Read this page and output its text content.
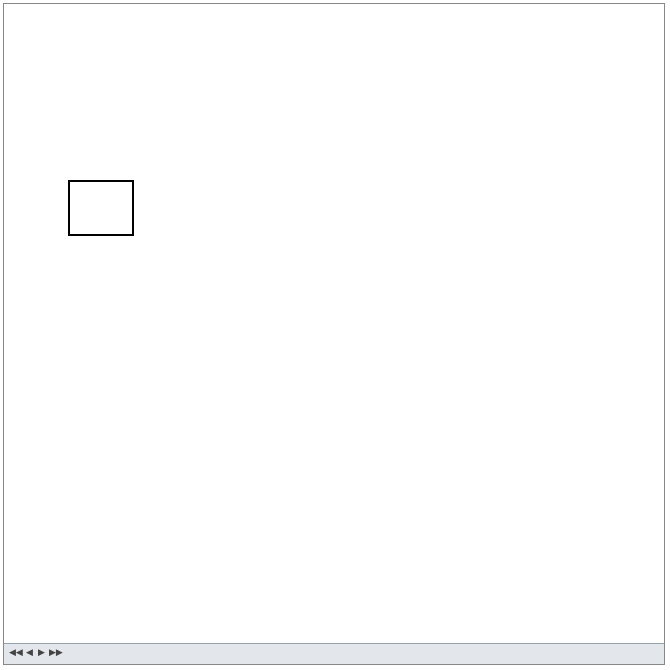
◀◀ ◀ ▶ ▶▶
